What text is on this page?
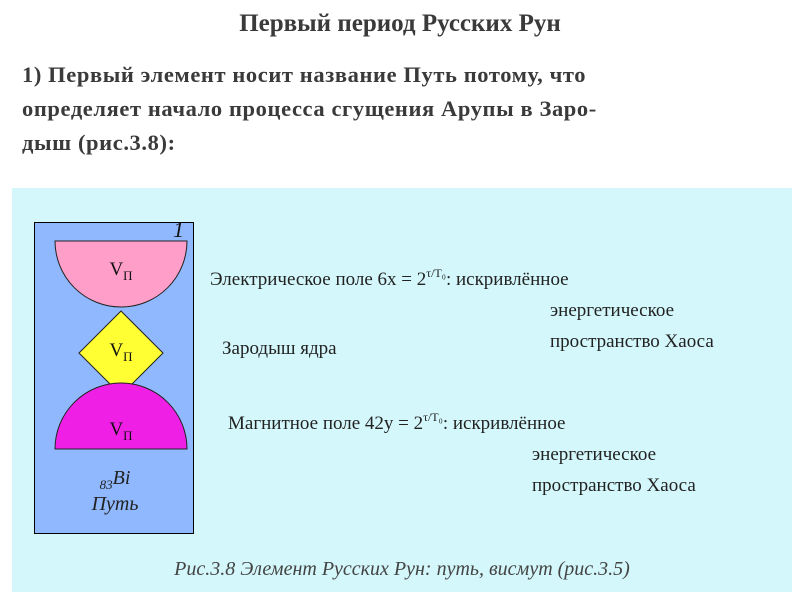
Первый период Русских Рун
1) Первый элемент носит название Путь потому, что
определяет начало процесса сгущения Арупы в Заро-
дыш (рис.3.8):
1
$V_П$
$V_П$
$V_П$
$_{83}$Bi
Путь
Электрическое поле $6x = 2^{\tau/T_0}$: искривлённое
энергетическое
пространство Хаоса
Зародыш ядра
Магнитное поле $42y = 2^{\tau/T_0}$: искривлённое
энергетическое
пространство Хаоса
Рис.3.8 Элемент Русских Рун: путь, висмут (рис.3.5)
